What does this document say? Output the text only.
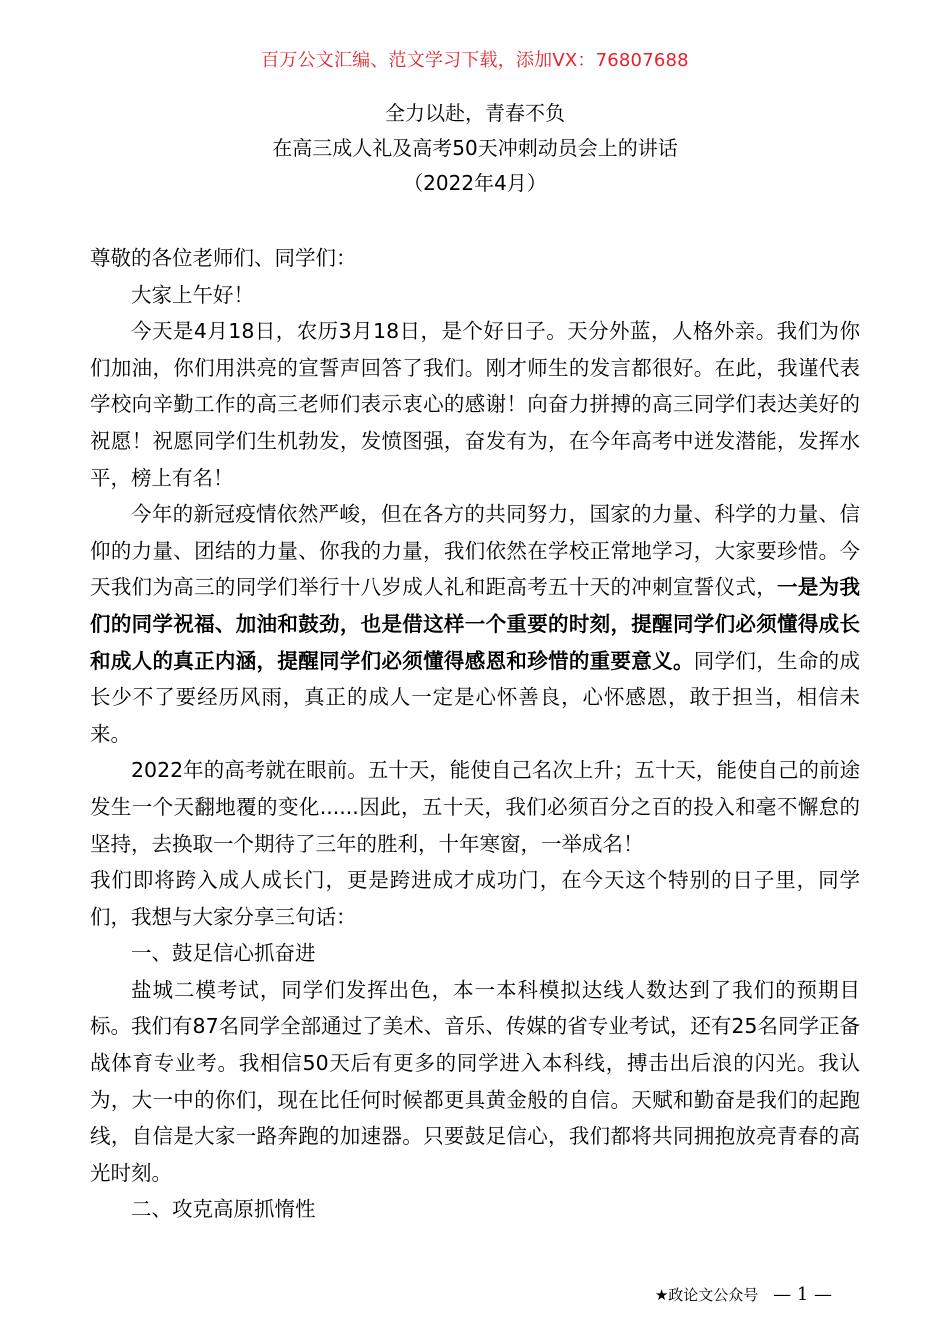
百万公文汇编、范文学习下载，添加VX：76807688
全力以赴，青春不负
在高三成人礼及高考50天冲刺动员会上的讲话
（2022年4月）

尊敬的各位老师们、同学们：

大家上午好！

今天是4月18日，农历3月18日，是个好日子。天分外蓝，人格外亲。我们为你们加油，你们用洪亮的宣誓声回答了我们。刚才师生的发言都很好。在此，我谨代表学校向辛勤工作的高三老师们表示衷心的感谢！向奋力拼搏的高三同学们表达美好的祝愿！祝愿同学们生机勃发，发愤图强，奋发有为，在今年高考中迸发潜能，发挥水平，榜上有名！

今年的新冠疫情依然严峻，但在各方的共同努力，国家的力量、科学的力量、信仰的力量、团结的力量、你我的力量，我们依然在学校正常地学习，大家要珍惜。今天我们为高三的同学们举行十八岁成人礼和距高考五十天的冲刺宣誓仪式，一是为我们的同学祝福、加油和鼓劲，也是借这样一个重要的时刻，提醒同学们必须懂得成长和成人的真正内涵，提醒同学们必须懂得感恩和珍惜的重要意义。同学们，生命的成长少不了要经历风雨，真正的成人一定是心怀善良，心怀感恩，敢于担当，相信未来。

2022年的高考就在眼前。五十天，能使自己名次上升；五十天，能使自己的前途发生一个天翻地覆的变化......因此，五十天，我们必须百分之百的投入和毫不懈怠的坚持，去换取一个期待了三年的胜利，十年寒窗，一举成名！

我们即将跨入成人成长门，更是跨进成才成功门，在今天这个特别的日子里，同学们，我想与大家分享三句话：

一、鼓足信心抓奋进

盐城二模考试，同学们发挥出色，本一本科模拟达线人数达到了我们的预期目标。我们有87名同学全部通过了美术、音乐、传媒的省专业考试，还有25名同学正备战体育专业考。我相信50天后有更多的同学进入本科线，搏击出后浪的闪光。我认为，大一中的你们，现在比任何时候都更具黄金般的自信。天赋和勤奋是我们的起跑线，自信是大家一路奔跑的加速器。只要鼓足信心，我们都将共同拥抱放亮青春的高光时刻。

二、攻克高原抓惰性

★政论文公众号 — 1 —
